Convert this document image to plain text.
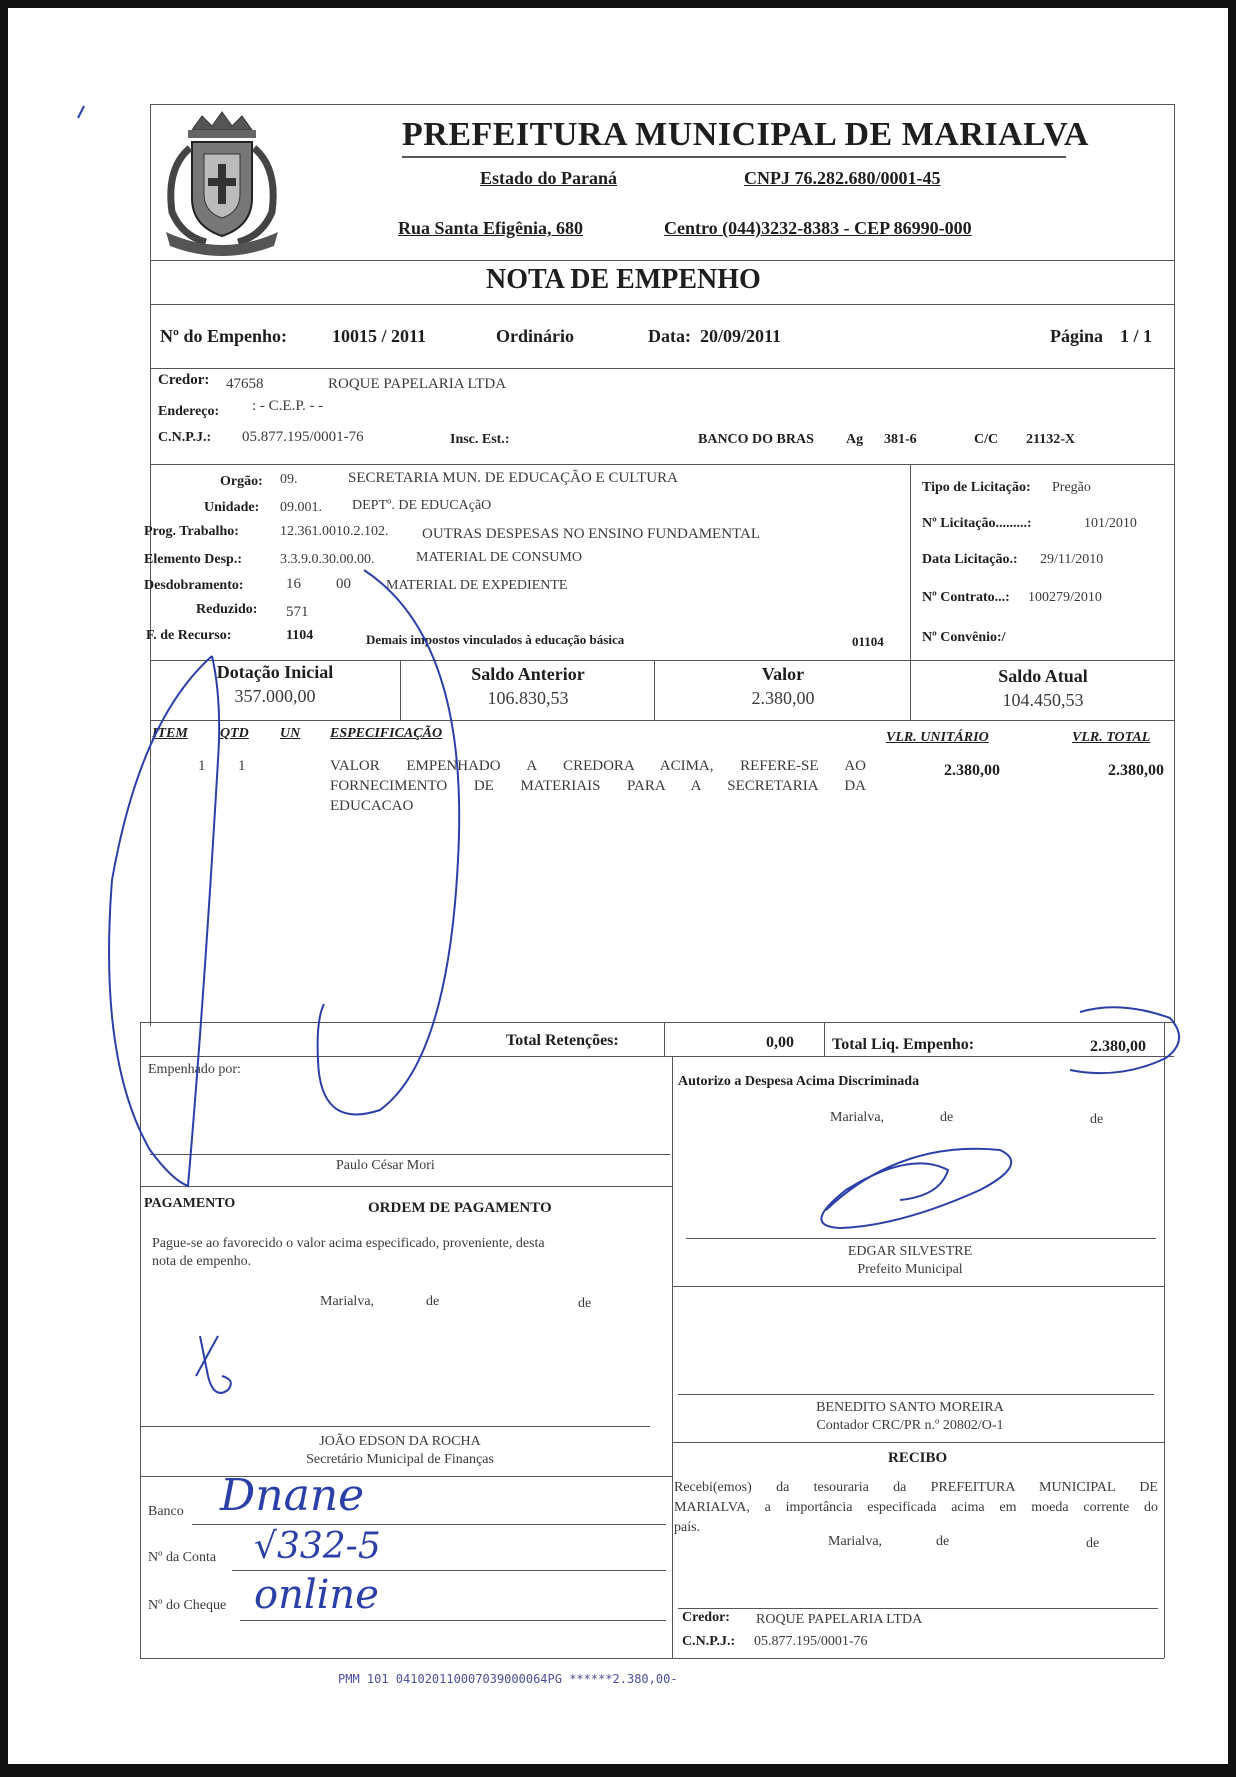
PREFEITURA MUNICIPAL DE MARIALVA
Estado do Paraná	CNPJ 76.282.680/0001-45
Rua Santa Efigênia, 680	Centro (044)3232-8383 - CEP 86990-000
NOTA DE EMPENHO
Nº do Empenho:	10015 / 2011	Ordinário	Data: 20/09/2011	Página 1 / 1
Credor: 47658	ROQUE PAPELARIA LTDA
Endereço: : - C.E.P. - -
C.N.P.J.: 05.877.195/0001-76	Insc. Est.:	BANCO DO BRAS Ag 381-6	C/C 21132-X
Orgão: 09.	SECRETARIA MUN. DE EDUCAÇÃO E CULTURA
Unidade: 09.001. DEPTº. DE EDUCAçãO
Prog. Trabalho:	12.361.0010.2.102. OUTRAS DESPESAS NO ENSINO FUNDAMENTAL
Elemento Desp.:	3.3.9.0.30.00.00.	MATERIAL DE CONSUMO
Desdobramento:	16 00	MATERIAL DE EXPEDIENTE
Reduzido: 571
F. de Recurso:	1104	Demais impostos vinculados à educação básica	01104
Tipo de Licitação: Pregão
Nº Licitação.........:	101/2010
Data Licitação.: 29/11/2010
Nº Contrato...: 100279/2010
Nº Convênio:/
Dotação Inicial
357.000,00
Saldo Anterior
106.830,53
Valor
2.380,00
Saldo Atual
104.450,53
ITEM QTD UN ESPECIFICAÇÃO	VLR. UNITÁRIO	VLR. TOTAL
1 1	VALOR EMPENHADO A CREDORA ACIMA, REFERE-SE AO
FORNECIMENTO DE MATERIAIS PARA A SECRETARIA DA
EDUCACAO
2.380,00	2.380,00
Total Retenções:	0,00 Total Liq. Empenho:	2.380,00
Empenhado por:
Paulo César Mori
PAGAMENTO	ORDEM DE PAGAMENTO
Pague-se ao favorecido o valor acima especificado, proveniente, desta
nota de empenho.
Marialva,	de	de
JOÃO EDSON DA ROCHA
Secretário Municipal de Finanças
Banco Dnane
Nº da Conta √332-5
Nº do Cheque online
Autorizo a Despesa Acima Discriminada
Marialva,	de	de
EDGAR SILVESTRE
Prefeito Municipal
BENEDITO SANTO MOREIRA
Contador CRC/PR n.º 20802/O-1
RECIBO
Recebi(emos) da tesouraria da PREFEITURA MUNICIPAL DE
MARIALVA, a importância especificada acima em moeda corrente do
país.
Marialva,	de	de
Credor: ROQUE PAPELARIA LTDA
C.N.P.J.: 05.877.195/0001-76
PMM 101 041020110007039000064PG ******2.380,00-
